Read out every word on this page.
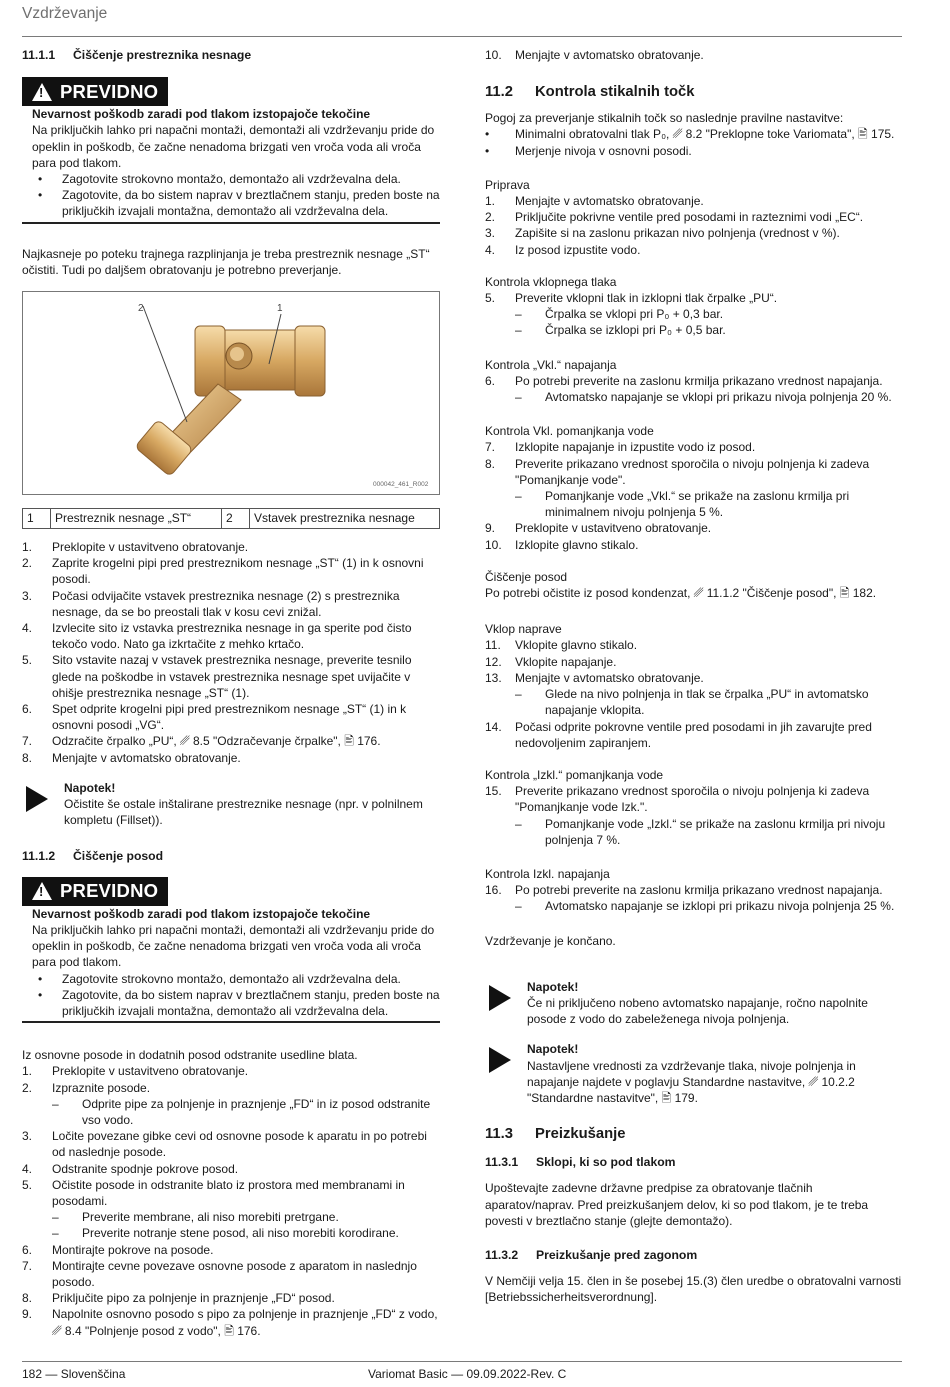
Vzdrževanje
11.1.1	Čiščenje prestreznika nesnage
! PREVIDNO
Nevarnost poškodb zaradi pod tlakom izstopajoče tekočine
Na priključkih lahko pri napačni montaži, demontaži ali vzdrževanju pride do opeklin in poškodb, če začne nenadoma brizgati ven vroča voda ali vroča para pod tlakom.
•	Zagotovite strokovno montažo, demontažo ali vzdrževalna dela.
•	Zagotovite, da bo sistem naprav v breztlačnem stanju, preden boste na priključkih izvajali montažna, demontažo ali vzdrževalna dela.
Najkasneje po poteku trajnega razplinjanja je treba prestreznik nesnage „ST“ očistiti. Tudi po daljšem obratovanju je potrebno preverjanje.
2	1
000042_461_R002
1	Prestreznik nesnage „ST“	2	Vstavek prestreznika nesnage
1.	Preklopite v ustavitveno obratovanje.
2.	Zaprite krogelni pipi pred prestreznikom nesnage „ST“ (1) in k osnovni posodi.
3.	Počasi odvijačite vstavek prestreznika nesnage (2) s prestreznika nesnage, da se bo preostali tlak v kosu cevi znižal.
4.	Izvlecite sito iz vstavka prestreznika nesnage in ga sperite pod čisto tekočo vodo. Nato ga izkrtačite z mehko krtačo.
5.	Sito vstavite nazaj v vstavek prestreznika nesnage, preverite tesnilo glede na poškodbe in vstavek prestreznika nesnage spet uvijačite v ohišje prestreznika nesnage „ST“ (1).
6.	Spet odprite krogelni pipi pred prestreznikom nesnage „ST“ (1) in k osnovni posodi „VG“.
7.	Odzračite črpalko „PU“, ␥ 8.5 "Odzračevanje črpalke", 🖹 176.
8.	Menjajte v avtomatsko obratovanje.
Napotek!
Očistite še ostale inštalirane prestreznike nesnage (npr. v polnilnem kompletu (Fillset)).
11.1.2	Čiščenje posod
! PREVIDNO
Nevarnost poškodb zaradi pod tlakom izstopajoče tekočine
Na priključkih lahko pri napačni montaži, demontaži ali vzdrževanju pride do opeklin in poškodb, če začne nenadoma brizgati ven vroča voda ali vroča para pod tlakom.
•	Zagotovite strokovno montažo, demontažo ali vzdrževalna dela.
•	Zagotovite, da bo sistem naprav v breztlačnem stanju, preden boste na priključkih izvajali montažna, demontažo ali vzdrževalna dela.
Iz osnovne posode in dodatnih posod odstranite usedline blata.
1.	Preklopite v ustavitveno obratovanje.
2.	Izpraznite posode.
–	Odprite pipe za polnjenje in praznjenje „FD“ in iz posod odstranite vso vodo.
3.	Ločite povezane gibke cevi od osnovne posode k aparatu in po potrebi od naslednje posode.
4.	Odstranite spodnje pokrove posod.
5.	Očistite posode in odstranite blato iz prostora med membranami in posodami.
–	Preverite membrane, ali niso morebiti pretrgane.
–	Preverite notranje stene posod, ali niso morebiti korodirane.
6.	Montirajte pokrove na posode.
7.	Montirajte cevne povezave osnovne posode z aparatom in naslednjo posodo.
8.	Priključite pipo za polnjenje in praznjenje „FD“ posod.
9.	Napolnite osnovno posodo s pipo za polnjenje in praznjenje „FD“ z vodo, ␥ 8.4 "Polnjenje posod z vodo", 🖹 176.
10.	Menjajte v avtomatsko obratovanje.
11.2	Kontrola stikalnih točk
Pogoj za preverjanje stikalnih točk so naslednje pravilne nastavitve:
•	Minimalni obratovalni tlak P₀, ␥ 8.2 "Preklopne toke Variomata", 🖹 175.
•	Merjenje nivoja v osnovni posodi.
Priprava
1.	Menjajte v avtomatsko obratovanje.
2.	Priključite pokrivne ventile pred posodami in razteznimi vodi „EC“.
3.	Zapišite si na zaslonu prikazan nivo polnjenja (vrednost v %).
4.	Iz posod izpustite vodo.
Kontrola vklopnega tlaka
5.	Preverite vklopni tlak in izklopni tlak črpalke „PU“.
–	Črpalka se vklopi pri P₀ + 0,3 bar.
–	Črpalka se izklopi pri P₀ + 0,5 bar.
Kontrola „Vkl.“ napajanja
6.	Po potrebi preverite na zaslonu krmilja prikazano vrednost napajanja.
–	Avtomatsko napajanje se vklopi pri prikazu nivoja polnjenja 20 %.
Kontrola Vkl. pomanjkanja vode
7.	Izklopite napajanje in izpustite vodo iz posod.
8.	Preverite prikazano vrednost sporočila o nivoju polnjenja ki zadeva "Pomanjkanje vode".
–	Pomanjkanje vode „Vkl.“ se prikaže na zaslonu krmilja pri minimalnem nivoju polnjenja 5 %.
9.	Preklopite v ustavitveno obratovanje.
10.	Izklopite glavno stikalo.
Čiščenje posod
Po potrebi očistite iz posod kondenzat, ␥ 11.1.2 "Čiščenje posod", 🖹 182.
Vklop naprave
11.	Vklopite glavno stikalo.
12.	Vklopite napajanje.
13.	Menjajte v avtomatsko obratovanje.
–	Glede na nivo polnjenja in tlak se črpalka „PU“ in avtomatsko napajanje vklopita.
14.	Počasi odprite pokrovne ventile pred posodami in jih zavarujte pred nedovoljenim zapiranjem.
Kontrola „Izkl.“ pomanjkanja vode
15.	Preverite prikazano vrednost sporočila o nivoju polnjenja ki zadeva "Pomanjkanje vode Izk.".
–	Pomanjkanje vode „Izkl.“ se prikaže na zaslonu krmilja pri nivoju polnjenja 7 %.
Kontrola Izkl. napajanja
16.	Po potrebi preverite na zaslonu krmilja prikazano vrednost napajanja.
–	Avtomatsko napajanje se izklopi pri prikazu nivoja polnjenja 25 %.
Vzdrževanje je končano.
Napotek!
Če ni priključeno nobeno avtomatsko napajanje, ročno napolnite posode z vodo do zabeleženega nivoja polnjenja.
Napotek!
Nastavljene vrednosti za vzdrževanje tlaka, nivoje polnjenja in napajanje najdete v poglavju Standardne nastavitve, ␥ 10.2.2 "Standardne nastavitve", 🖹 179.
11.3	Preizkušanje
11.3.1	Sklopi, ki so pod tlakom
Upoštevajte zadevne državne predpise za obratovanje tlačnih aparatov/naprav. Pred preizkušanjem delov, ki so pod tlakom, je te treba povesti v breztlačno stanje (glejte demontažo).
11.3.2	Preizkušanje pred zagonom
V Nemčiji velja 15. člen in še posebej 15.(3) člen uredbe o obratovalni varnosti [Betriebssicherheitsverordnung].
182 — Slovenščina	Variomat Basic — 09.09.2022-Rev. C
